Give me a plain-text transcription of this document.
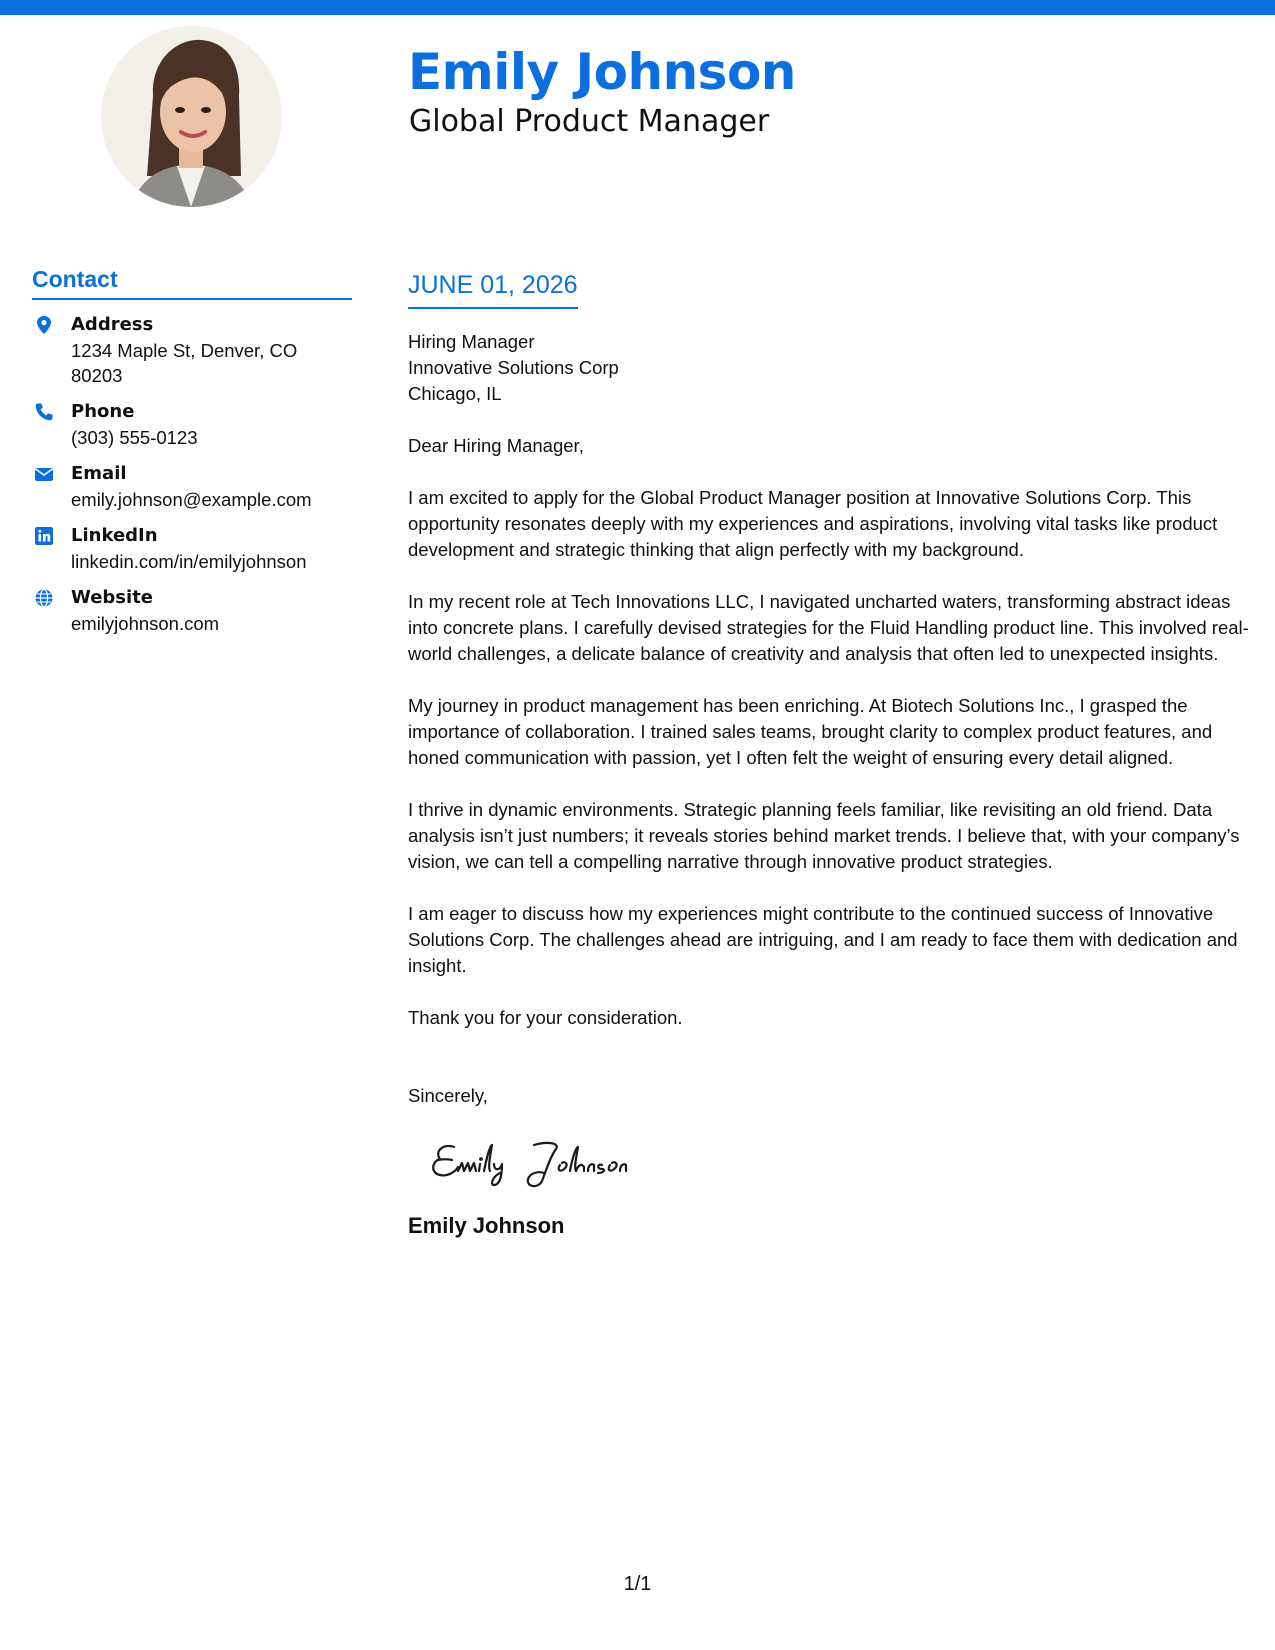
Emily Johnson
Global Product Manager
Contact
Address
1234 Maple St, Denver, CO 80203
Phone
(303) 555-0123
Email
emily.johnson@example.com
LinkedIn
linkedin.com/in/emilyjohnson
Website
emilyjohnson.com
JUNE 01, 2026
Hiring Manager
Innovative Solutions Corp
Chicago, IL

Dear Hiring Manager,

I am excited to apply for the Global Product Manager position at Innovative Solutions Corp. This opportunity resonates deeply with my experiences and aspirations, involving vital tasks like product development and strategic thinking that align perfectly with my background.

In my recent role at Tech Innovations LLC, I navigated uncharted waters, transforming abstract ideas into concrete plans. I carefully devised strategies for the Fluid Handling product line. This involved real-world challenges, a delicate balance of creativity and analysis that often led to unexpected insights.

My journey in product management has been enriching. At Biotech Solutions Inc., I grasped the importance of collaboration. I trained sales teams, brought clarity to complex product features, and honed communication with passion, yet I often felt the weight of ensuring every detail aligned.

I thrive in dynamic environments. Strategic planning feels familiar, like revisiting an old friend. Data analysis isn’t just numbers; it reveals stories behind market trends. I believe that, with your company’s vision, we can tell a compelling narrative through innovative product strategies.

I am eager to discuss how my experiences might contribute to the continued success of Innovative Solutions Corp. The challenges ahead are intriguing, and I am ready to face them with dedication and insight.

Thank you for your consideration.

Sincerely,

Emily Johnson
1/1
